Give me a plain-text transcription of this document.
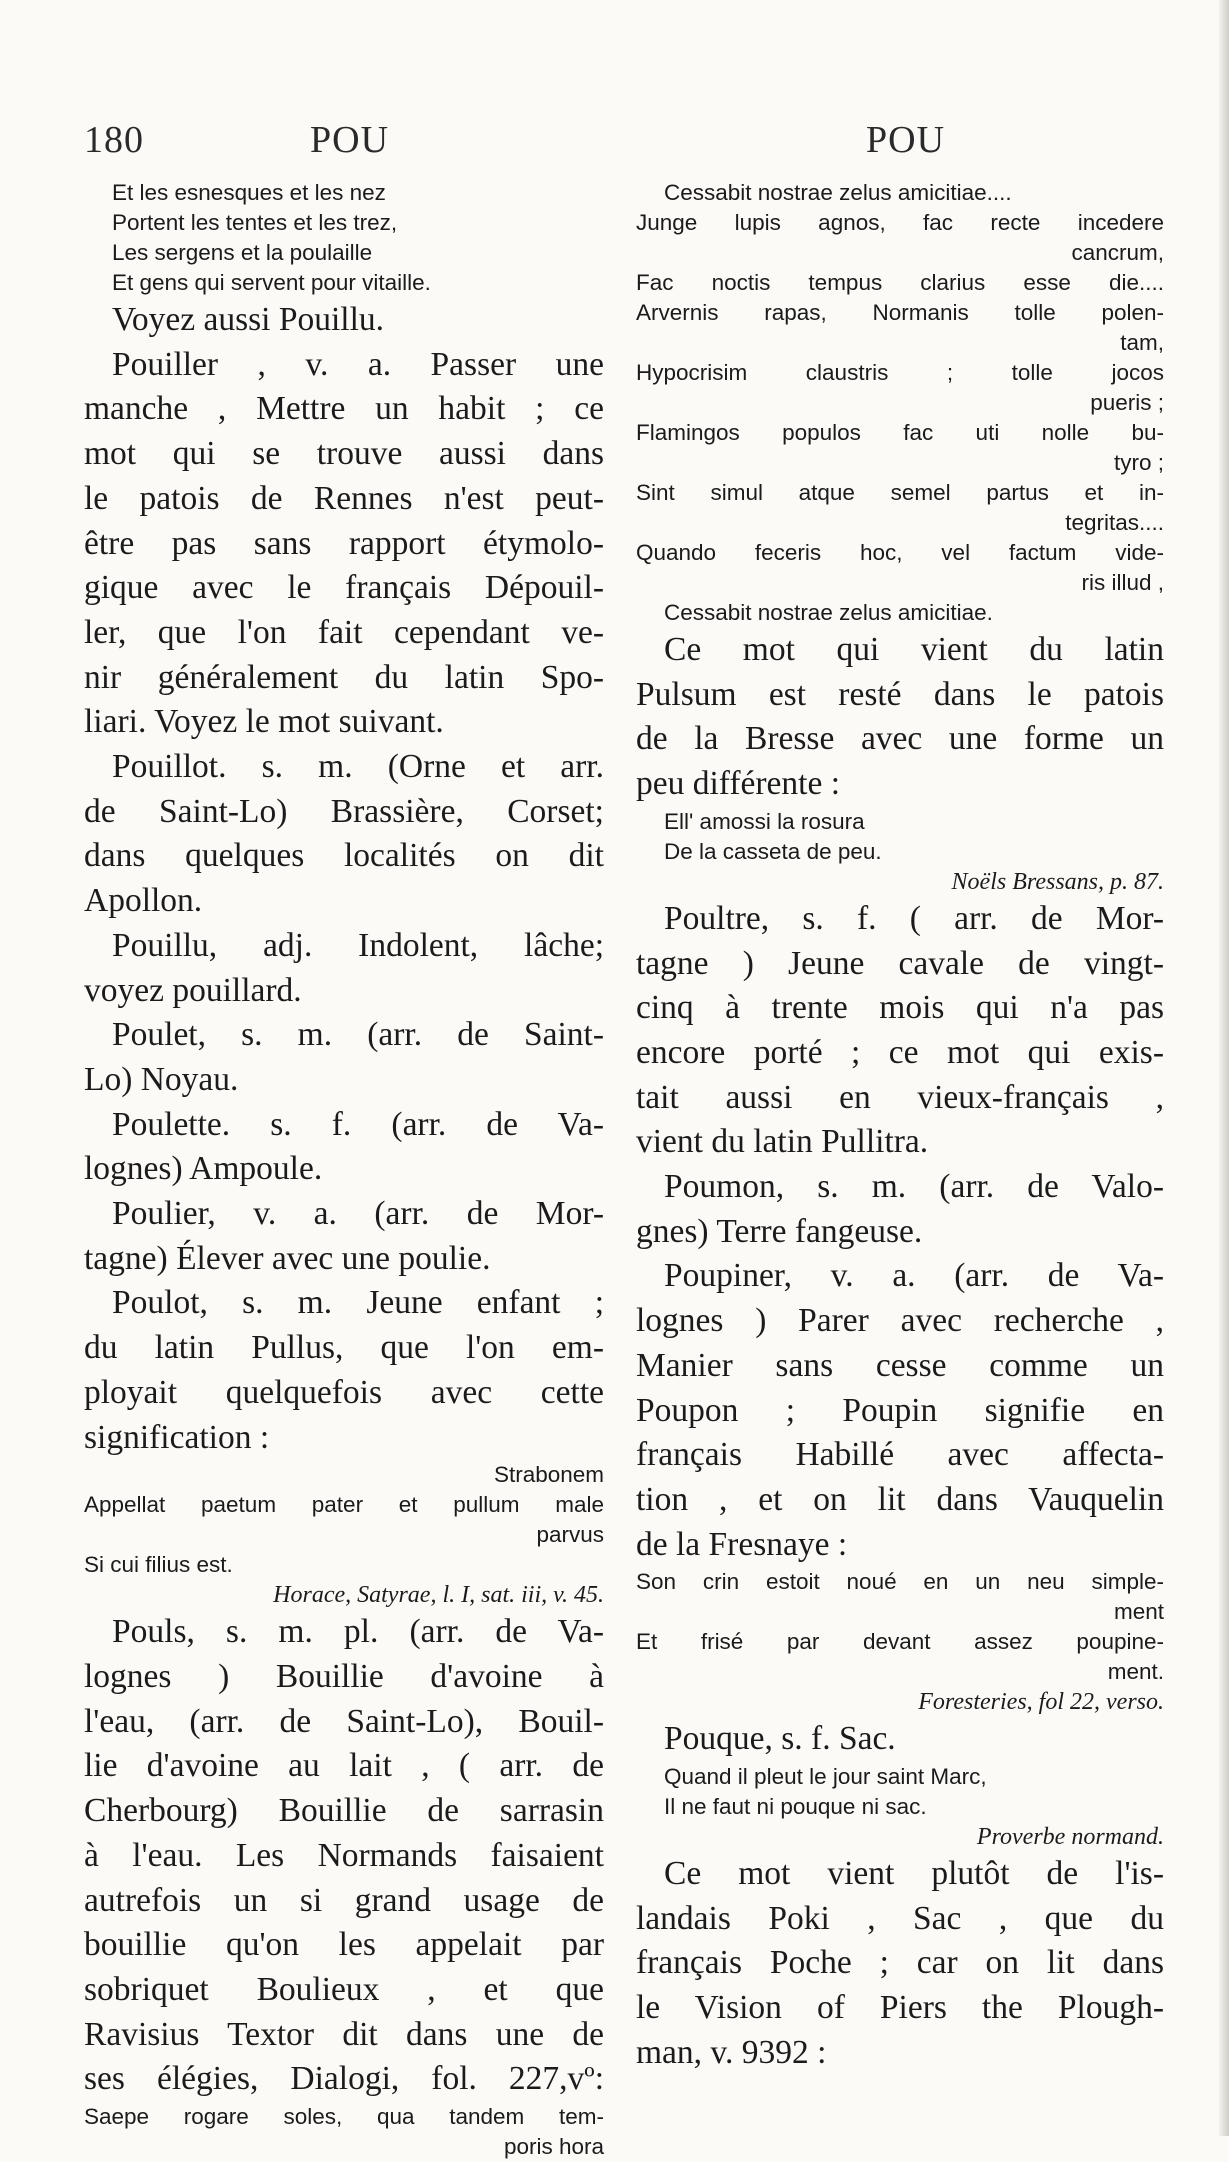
180	POU	POU
Et les esnesques et les nez
Portent les tentes et les trez,
Les sergens et la poulaille
Et gens qui servent pour vitaille.
Voyez aussi Pouillu.
Pouiller , v. a. Passer une
manche , Mettre un habit ; ce
mot qui se trouve aussi dans
le patois de Rennes n'est peut-
être pas sans rapport étymolo-
gique avec le français Dépouil-
ler, que l'on fait cependant ve-
nir généralement du latin Spo-
liari. Voyez le mot suivant.
Pouillot. s. m. (Orne et arr.
de Saint-Lo) Brassière, Corset;
dans quelques localités on dit
Apollon.
Pouillu, adj. Indolent, lâche;
voyez pouillard.
Poulet, s. m. (arr. de Saint-
Lo) Noyau.
Poulette. s. f. (arr. de Va-
lognes) Ampoule.
Poulier, v. a. (arr. de Mor-
tagne) Élever avec une poulie.
Poulot, s. m. Jeune enfant ;
du latin Pullus, que l'on em-
ployait quelquefois avec cette
signification :
Strabonem
Appellat paetum pater et pullum male
parvus
Si cui filius est.
Horace, Satyrae, l. I, sat. iii, v. 45.
Pouls, s. m. pl. (arr. de Va-
lognes ) Bouillie d'avoine à
l'eau, (arr. de Saint-Lo), Bouil-
lie d'avoine au lait , ( arr. de
Cherbourg) Bouillie de sarrasin
à l'eau. Les Normands faisaient
autrefois un si grand usage de
bouillie qu'on les appelait par
sobriquet Boulieux , et que
Ravisius Textor dit dans une de
ses élégies, Dialogi, fol. 227,vº:
Saepe rogare soles, qua tandem tem-
poris hora
Cessabit nostrae zelus amicitiae....
Junge lupis agnos, fac recte incedere
cancrum,
Fac noctis tempus clarius esse die....
Arvernis rapas, Normanis tolle polen-
tam,
Hypocrisim claustris ; tolle jocos
pueris ;
Flamingos populos fac uti nolle bu-
tyro ;
Sint simul atque semel partus et in-
tegritas....
Quando feceris hoc, vel factum vide-
ris illud ,
Cessabit nostrae zelus amicitiae.
Ce mot qui vient du latin
Pulsum est resté dans le patois
de la Bresse avec une forme un
peu différente :
Ell' amossi la rosura
De la casseta de peu.
Noëls Bressans, p. 87.
Poultre, s. f. ( arr. de Mor-
tagne ) Jeune cavale de vingt-
cinq à trente mois qui n'a pas
encore porté ; ce mot qui exis-
tait aussi en vieux-français ,
vient du latin Pullitra.
Poumon, s. m. (arr. de Valo-
gnes) Terre fangeuse.
Poupiner, v. a. (arr. de Va-
lognes ) Parer avec recherche ,
Manier sans cesse comme un
Poupon ; Poupin signifie en
français Habillé avec affecta-
tion , et on lit dans Vauquelin
de la Fresnaye :
Son crin estoit noué en un neu simple-
ment
Et frisé par devant assez poupine-
ment.
Foresteries, fol 22, verso.
Pouque, s. f. Sac.
Quand il pleut le jour saint Marc,
Il ne faut ni pouque ni sac.
Proverbe normand.
Ce mot vient plutôt de l'is-
landais Poki , Sac , que du
français Poche ; car on lit dans
le Vision of Piers the Plough-
man, v. 9392 :
